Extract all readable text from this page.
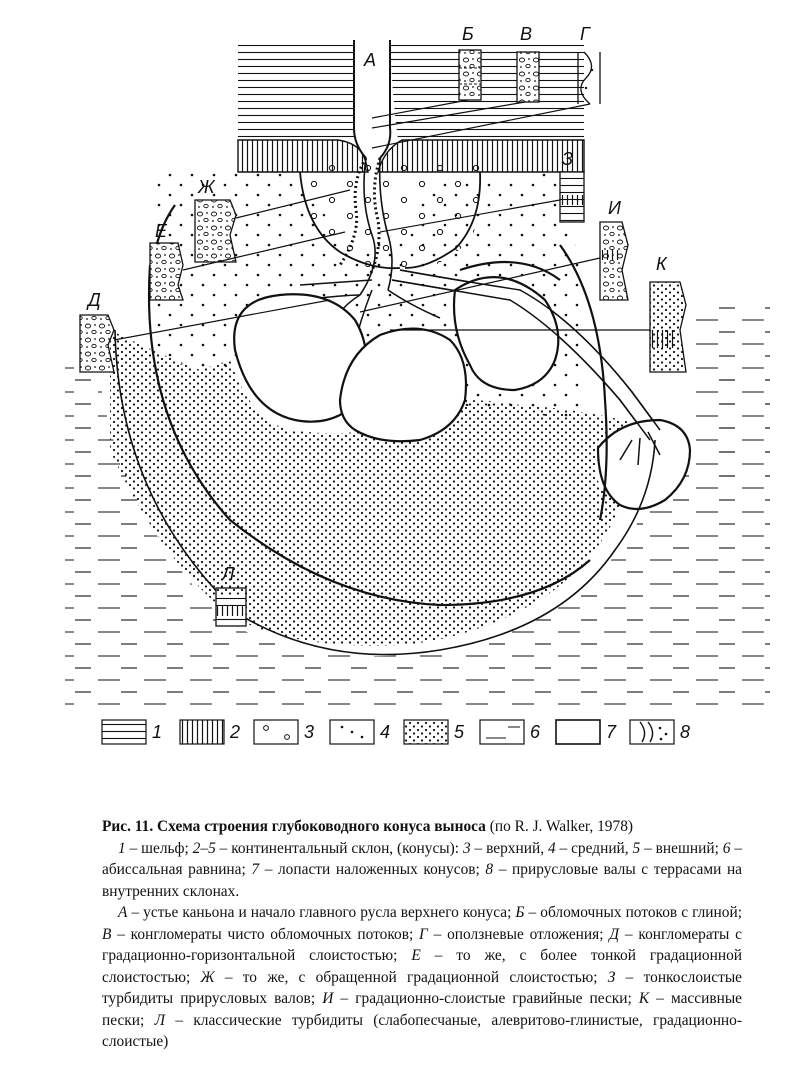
А
Б	В	Г
Ж
Е
Д
З
И
К
Л
1	2	3	4	5	6	7	8

Рис. 11. Схема строения глубоководного конуса выноса (по R. J. Walker, 1978)

1 – шельф; 2–5 – континентальный склон, (конусы): 3 – верхний, 4 – средний, 5 – внешний; 6 – абиссальная равнина; 7 – лопасти наложенных конусов; 8 – прирусловые валы с террасами на внутренних склонах.

А – устье каньона и начало главного русла верхнего конуса; Б – обломочных потоков с глиной; В – конгломераты чисто обломочных потоков; Г – оползневые отложения; Д – конгломераты с градационно-горизонтальной слоистостью; Е – то же, с более тонкой градационной слоистостью; Ж – то же, с обращенной градационной слоистостью; З – тонкослоистые турбидиты прирусловых валов; И – градационно-слоистые гравийные пески; К – массивные пески; Л – классические турбидиты (слабопесчаные, алевритово-глинистые, градационно-слоистые)
